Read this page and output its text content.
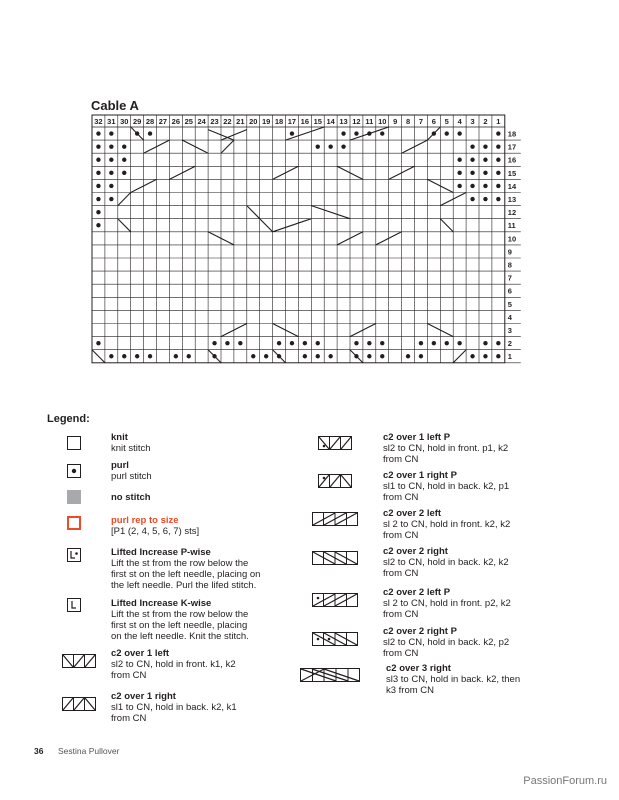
Cable A
32 31 30 29 28 27 26 25 24 23 22 21 20 19 18 17 16 15 14 13 12 11 10 9 8 7 6 5 4 3 2 1
18
17
16
15
14
13
12
11
10
9
8
7
6
5
4
3
2
1
Legend:
knit
knit stitch
purl
purl stitch
no stitch
purl rep to size
[P1 (2, 4, 5, 6, 7) sts]
Lifted Increase P-wise
Lift the st from the row below the
first st on the left needle, placing on
the left needle. Purl the lifed stitch.
Lifted Increase K-wise
Lift the st from the row below the
first st on the left needle, placing
on the left needle. Knit the stitch.
c2 over 1 left
sl2 to CN, hold in front. k1, k2
from CN
c2 over 1 right
sl1 to CN, hold in back. k2, k1
from CN
c2 over 1 left P
sl2 to CN, hold in front. p1, k2
from CN
c2 over 1 right P
sl1 to CN, hold in back. k2, p1
from CN
c2 over 2 left
sl 2 to CN, hold in front. k2, k2
from CN
c2 over 2 right
sl2 to CN, hold in back. k2, k2
from CN
c2 over 2 left P
sl 2 to CN, hold in front. p2, k2
from CN
c2 over 2 right P
sl2 to CN, hold in back. k2, p2
from CN
c2 over 3 right
sl3 to CN, hold in back. k2, then
k3 from CN
36 Sestina Pullover
PassionForum.ru
